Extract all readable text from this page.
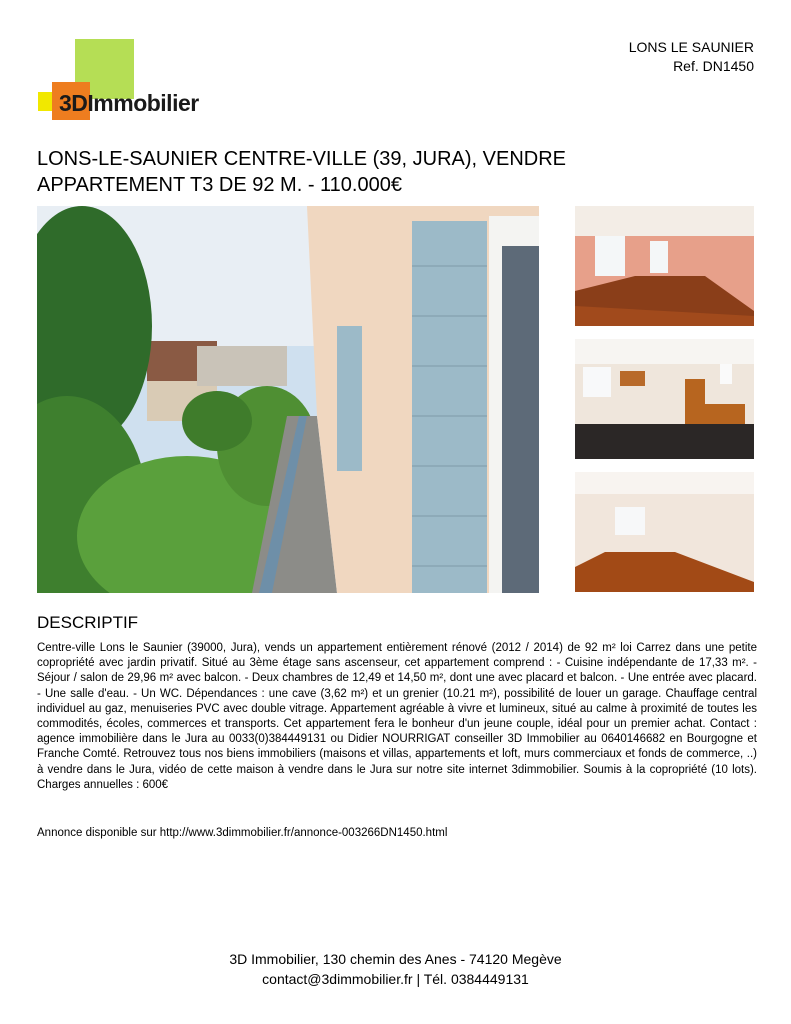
3DImmobilier
LONS LE SAUNIER
Ref. DN1450
LONS-LE-SAUNIER CENTRE-VILLE (39, JURA), VENDRE APPARTEMENT T3 DE 92 M. - 110.000€
DESCRIPTIF

Centre-ville Lons le Saunier (39000, Jura), vends un appartement entièrement rénové (2012 / 2014) de 92 m² loi Carrez dans une petite copropriété avec jardin privatif. Situé au 3ème étage sans ascenseur, cet appartement comprend : - Cuisine indépendante de 17,33 m². - Séjour / salon de 29,96 m² avec balcon. - Deux chambres de 12,49 et 14,50 m², dont une avec placard et balcon. - Une entrée avec placard. - Une salle d'eau. - Un WC. Dépendances : une cave (3,62 m²) et un grenier (10.21 m²), possibilité de louer un garage. Chauffage central individuel au gaz, menuiseries PVC avec double vitrage. Appartement agréable à vivre et lumineux, situé au calme à proximité de toutes les commodités, écoles, commerces et transports. Cet appartement fera le bonheur d'un jeune couple, idéal pour un premier achat. Contact : agence immobilière dans le Jura au 0033(0)384449131 ou Didier NOURRIGAT conseiller 3D Immobilier au 0640146682 en Bourgogne et Franche Comté. Retrouvez tous nos biens immobiliers (maisons et villas, appartements et loft, murs commerciaux et fonds de commerce, ..) à vendre dans le Jura, vidéo de cette maison à vendre dans le Jura sur notre site internet 3dimmobilier. Soumis à la copropriété (10 lots). Charges annuelles : 600€

Annonce disponible sur http://www.3dimmobilier.fr/annonce-003266DN1450.html

3D Immobilier, 130 chemin des Anes - 74120 Megève
contact@3dimmobilier.fr | Tél. 0384449131
